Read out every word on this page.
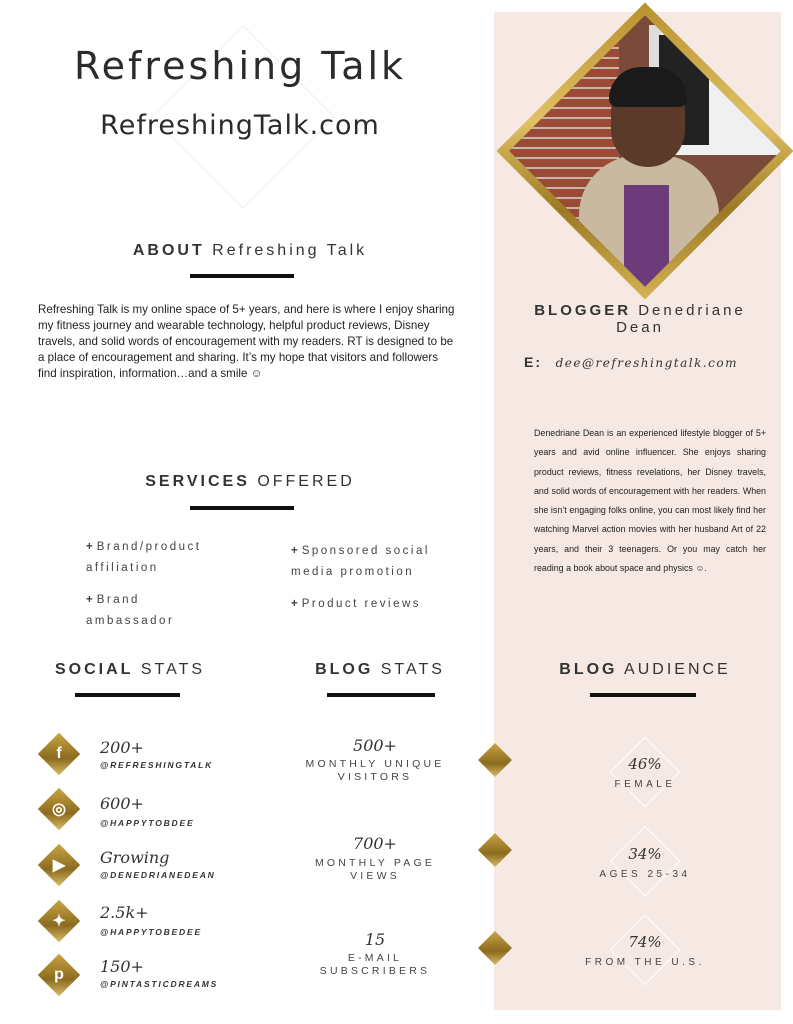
Refreshing Talk
RefreshingTalk.com
ABOUT Refreshing Talk

Refreshing Talk is my online space of 5+ years, and here is where I enjoy sharing my fitness journey and wearable technology, helpful product reviews, Disney travels, and solid words of encouragement with my readers. RT is designed to be a place of encouragement and sharing. It’s my hope that visitors and followers find inspiration, information…and a smile ☺

SERVICES OFFERED
+ Brand/product affiliation
+ Brand ambassador
+ Sponsored social media promotion
+ Product reviews
BLOGGER Denedriane Dean
E: dee@refreshingtalk.com

Denedriane Dean is an experienced lifestyle blogger of 5+ years and avid online influencer. She enjoys sharing product reviews, fitness revelations, her Disney travels, and solid words of encouragement with her readers. When she isn’t engaging folks online, you can most likely find her watching Marvel action movies with her husband Art of 22 years, and their 3 teenagers. Or you may catch her reading a book about space and physics ☺.

SOCIAL STATS
f	200+
@REFRESHINGTALK
◎ 600+
@HAPPYTOBDEE
▶	Growing
@DENEDRIANEDEAN
✦ 2.5k+
@HAPPYTOBEDEE
p	150+
@PINTASTICDREAMS
BLOG STATS
500+
MONTHLY UNIQUE VISITORS
700+
MONTHLY PAGE VIEWS
15
E-MAIL SUBSCRIBERS
BLOG AUDIENCE
46%
FEMALE
34%
AGES 25-34
74%
FROM THE U.S.
